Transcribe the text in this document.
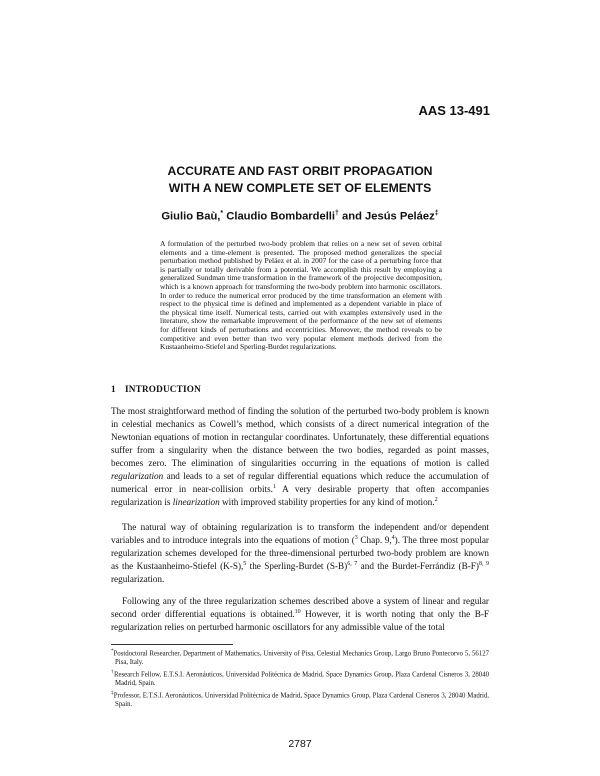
AAS 13-491
ACCURATE AND FAST ORBIT PROPAGATION
WITH A NEW COMPLETE SET OF ELEMENTS
Giulio Baù,* Claudio Bombardelli† and Jesús Peláez‡

A formulation of the perturbed two-body problem that relies on a new set of seven orbital elements and a time-element is presented. The proposed method generalizes the special perturbation method published by Peláez et al. in 2007 for the case of a perturbing force that is partially or totally derivable from a potential. We accomplish this result by employing a generalized Sundman time transformation in the framework of the projective decomposition, which is a known approach for transforming the two-body problem into harmonic oscillators. In order to reduce the numerical error produced by the time transformation an element with respect to the physical time is defined and implemented as a dependent variable in place of the physical time itself. Numerical tests, carried out with examples extensively used in the literature, show the remarkable improvement of the performance of the new set of elements for different kinds of perturbations and eccentricities. Moreover, the method reveals to be competitive and even better than two very popular element methods derived from the Kustaanheimo-Stiefel and Sperling-Burdet regularizations.

1 INTRODUCTION

The most straightforward method of finding the solution of the perturbed two-body problem is known in celestial mechanics as Cowell’s method, which consists of a direct numerical integration of the Newtonian equations of motion in rectangular coordinates. Unfortunately, these differential equations suffer from a singularity when the distance between the two bodies, regarded as point masses, becomes zero. The elimination of singularities occurring in the equations of motion is called regularization and leads to a set of regular differential equations which reduce the accumulation of numerical error in near-collision orbits.$^1$ A very desirable property that often accompanies regularization is linearization with improved stability properties for any kind of motion.$^2$

The natural way of obtaining regularization is to transform the independent and/or dependent variables and to introduce integrals into the equations of motion ($^3$ Chap. 9,$^4$). The three most popular regularization schemes developed for the three-dimensional perturbed two-body problem are known as the Kustaanheimo-Stiefel (K-S),$^5$ the Sperling-Burdet $(S-B)^{6, 7}$ and the Burdet-Ferrándiz $(B-F)^{8, 9}$ regularization.

Following any of the three regularization schemes described above a system of linear and regular second order differential equations is obtained.$^{10}$ However, it is worth noting that only the B-F regularization relies on perturbed harmonic oscillators for any admissible value of the total

*Postdoctoral Researcher, Department of Mathematics, University of Pisa, Celestial Mechanics Group, Largo Bruno Pontecorvo 5, 56127 Pisa, Italy.

†Research Fellow, E.T.S.I. Aeronáuticos, Universidad Politécnica de Madrid, Space Dynamics Group, Plaza Cardenal Cisneros 3, 28040 Madrid, Spain.

‡Professor, E.T.S.I. Aeronáuticos, Universidad Politécnica de Madrid, Space Dynamics Group, Plaza Cardenal Cisneros 3, 28040 Madrid, Spain.

2787
